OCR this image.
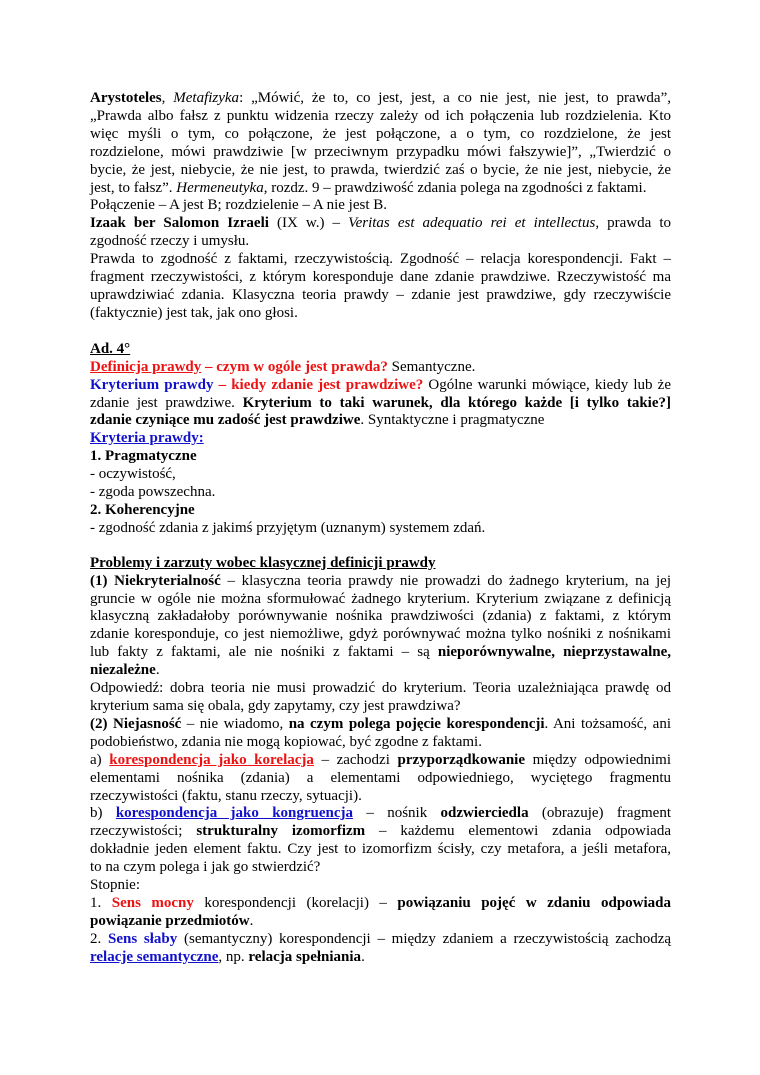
Arystoteles, Metafizyka: „Mówić, że to, co jest, jest, a co nie jest, nie jest, to prawda”,

„Prawda albo fałsz z punktu widzenia rzeczy zależy od ich połączenia lub rozdzielenia. Kto

więc myśli o tym, co połączone, że jest połączone, a o tym, co rozdzielone, że jest

rozdzielone, mówi prawdziwie [w przeciwnym przypadku mówi fałszywie]”, „Twierdzić o

bycie, że jest, niebycie, że nie jest, to prawda, twierdzić zaś o bycie, że nie jest, niebycie, że

jest, to fałsz”. Hermeneutyka, rozdz. 9 – prawdziwość zdania polega na zgodności z faktami.

Połączenie – A jest B; rozdzielenie – A nie jest B.

Izaak ber Salomon Izraeli (IX w.) – Veritas est adequatio rei et intellectus, prawda to

zgodność rzeczy i umysłu.

Prawda to zgodność z faktami, rzeczywistością. Zgodność – relacja korespondencji. Fakt –

fragment rzeczywistości, z którym koresponduje dane zdanie prawdziwe. Rzeczywistość ma

uprawdziwiać zdania. Klasyczna teoria prawdy – zdanie jest prawdziwe, gdy rzeczywiście

(faktycznie) jest tak, jak ono głosi.

Ad. 4°

Definicja prawdy – czym w ogóle jest prawda? Semantyczne.

Kryterium prawdy – kiedy zdanie jest prawdziwe? Ogólne warunki mówiące, kiedy lub że

zdanie jest prawdziwe. Kryterium to taki warunek, dla którego każde [i tylko takie?]

zdanie czyniące mu zadość jest prawdziwe. Syntaktyczne i pragmatyczne

Kryteria prawdy:

1. Pragmatyczne

- oczywistość,

- zgoda powszechna.

2. Koherencyjne

- zgodność zdania z jakimś przyjętym (uznanym) systemem zdań.

Problemy i zarzuty wobec klasycznej definicji prawdy

(1) Niekryterialność – klasyczna teoria prawdy nie prowadzi do żadnego kryterium, na jej

gruncie w ogóle nie można sformułować żadnego kryterium. Kryterium związane z definicją

klasyczną zakładałoby porównywanie nośnika prawdziwości (zdania) z faktami, z którym

zdanie koresponduje, co jest niemożliwe, gdyż porównywać można tylko nośniki z nośnikami

lub fakty z faktami, ale nie nośniki z faktami – są nieporównywalne, nieprzystawalne,

niezależne.

Odpowiedź: dobra teoria nie musi prowadzić do kryterium. Teoria uzależniająca prawdę od

kryterium sama się obala, gdy zapytamy, czy jest prawdziwa?

(2) Niejasność – nie wiadomo, na czym polega pojęcie korespondencji. Ani tożsamość, ani

podobieństwo, zdania nie mogą kopiować, być zgodne z faktami.

a) korespondencja jako korelacja – zachodzi przyporządkowanie między odpowiednimi

elementami nośnika (zdania) a elementami odpowiedniego, wyciętego fragmentu

rzeczywistości (faktu, stanu rzeczy, sytuacji).

b) korespondencja jako kongruencja – nośnik odzwierciedla (obrazuje) fragment

rzeczywistości; strukturalny izomorfizm – każdemu elementowi zdania odpowiada

dokładnie jeden element faktu. Czy jest to izomorfizm ścisły, czy metafora, a jeśli metafora,

to na czym polega i jak go stwierdzić?

Stopnie:

1. Sens mocny korespondencji (korelacji) – powiązaniu pojęć w zdaniu odpowiada

powiązanie przedmiotów.

2. Sens słaby (semantyczny) korespondencji – między zdaniem a rzeczywistością zachodzą

relacje semantyczne, np. relacja spełniania.
